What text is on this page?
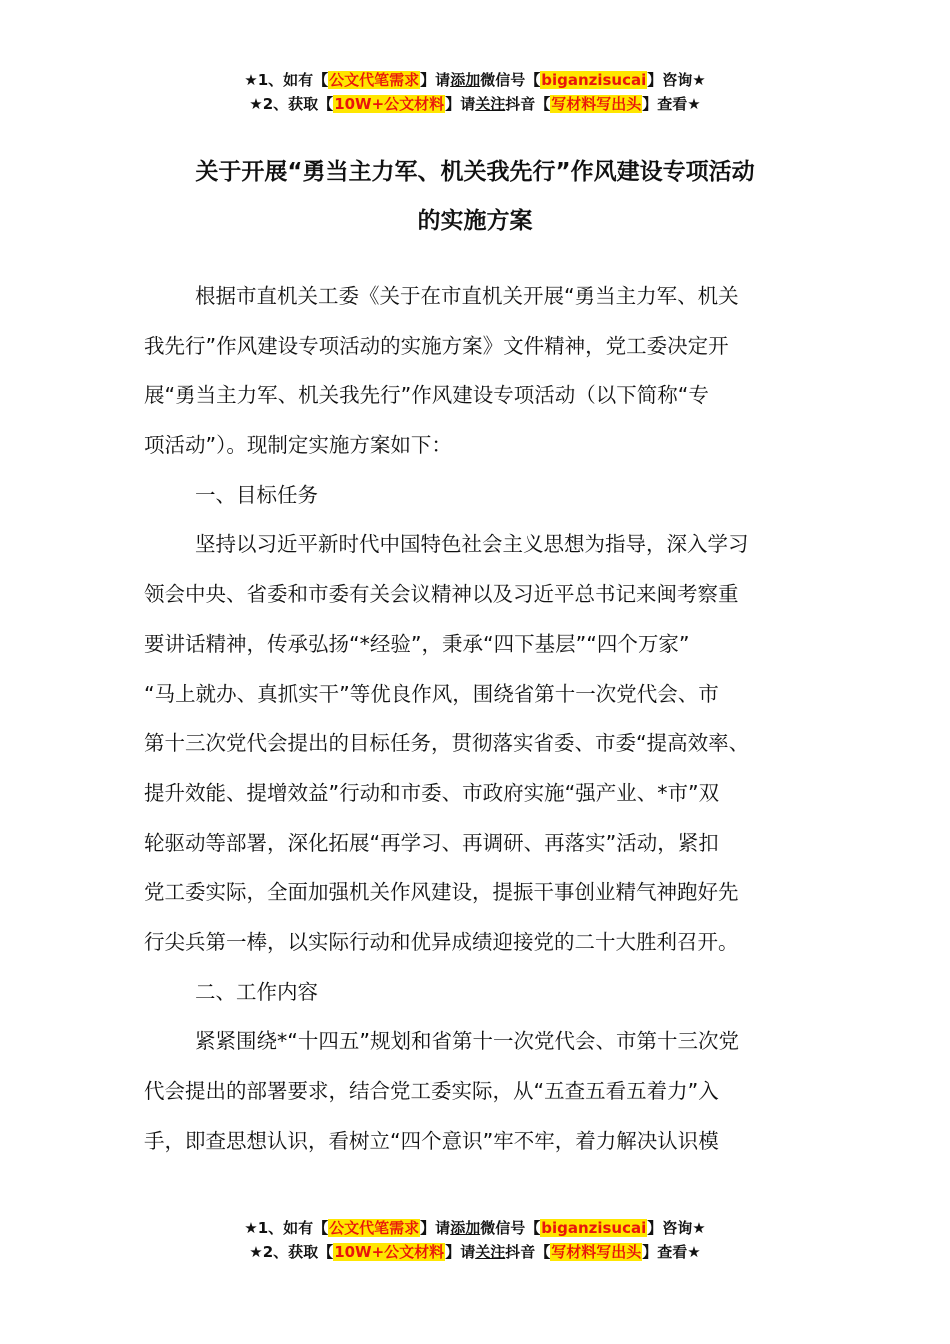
★1、如有【公文代笔需求】请添加微信号【biganzisucai】咨询★
★2、获取【10W+公文材料】请关注抖音【写材料写出头】查看★
关于开展“勇当主力军、机关我先行”作风建设专项活动
的实施方案
根据市直机关工委《关于在市直机关开展“勇当主力军、机关
我先行”作风建设专项活动的实施方案》文件精神，党工委决定开
展“勇当主力军、机关我先行”作风建设专项活动（以下简称“专
项活动”）。现制定实施方案如下：
一、目标任务
坚持以习近平新时代中国特色社会主义思想为指导，深入学习
领会中央、省委和市委有关会议精神以及习近平总书记来闽考察重
要讲话精神，传承弘扬“*经验”，秉承“四下基层”“四个万家”
“马上就办、真抓实干”等优良作风，围绕省第十一次党代会、市
第十三次党代会提出的目标任务，贯彻落实省委、市委“提高效率、
提升效能、提增效益”行动和市委、市政府实施“强产业、*市”双
轮驱动等部署，深化拓展“再学习、再调研、再落实”活动，紧扣
党工委实际，全面加强机关作风建设，提振干事创业精气神跑好先
行尖兵第一棒，以实际行动和优异成绩迎接党的二十大胜利召开。
二、工作内容
紧紧围绕*“十四五”规划和省第十一次党代会、市第十三次党
代会提出的部署要求，结合党工委实际，从“五查五看五着力”入
手，即查思想认识，看树立“四个意识”牢不牢，着力解决认识模
★1、如有【公文代笔需求】请添加微信号【biganzisucai】咨询★
★2、获取【10W+公文材料】请关注抖音【写材料写出头】查看★
